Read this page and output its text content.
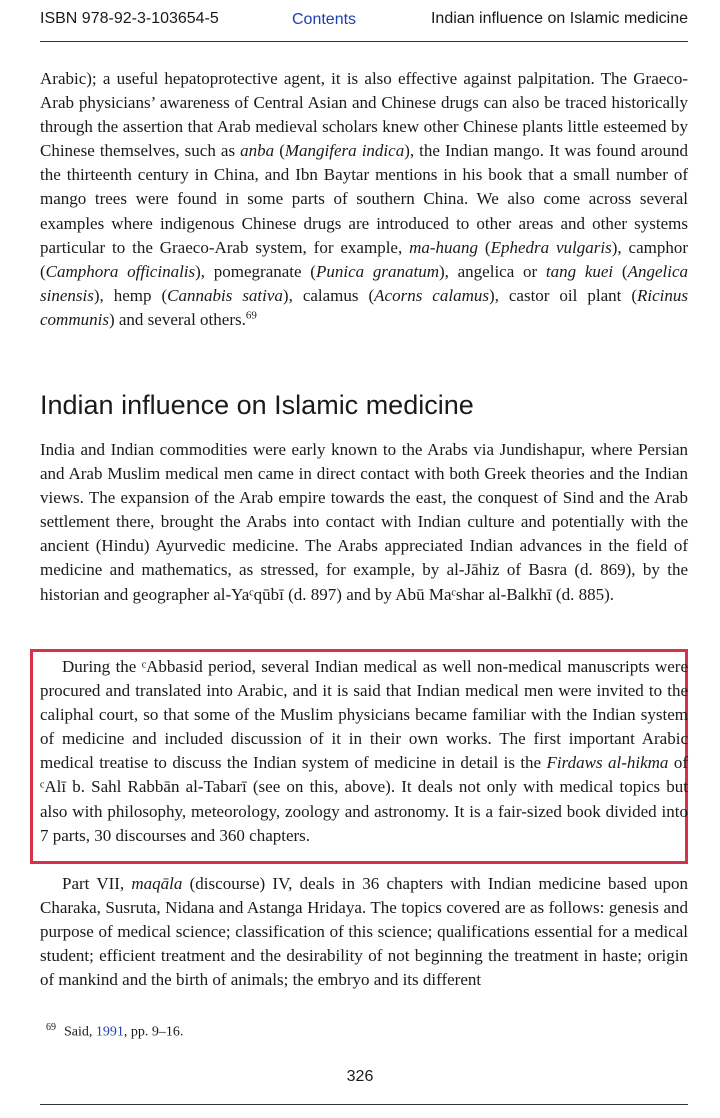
ISBN 978-92-3-103654-5	Contents	Indian influence on Islamic medicine

Arabic); a useful hepatoprotective agent, it is also effective against palpitation. The Graeco-Arab physicians’ awareness of Central Asian and Chinese drugs can also be traced historically through the assertion that Arab medieval scholars knew other Chinese plants little esteemed by Chinese themselves, such as anba (Mangifera indica), the Indian mango. It was found around the thirteenth century in China, and Ibn Baytar mentions in his book that a small number of mango trees were found in some parts of southern China. We also come across several examples where indigenous Chinese drugs are introduced to other areas and other systems particular to the Graeco-Arab system, for example, ma-huang (Ephedra vulgaris), camphor (Camphora officinalis), pomegranate (Punica granatum), angelica or tang kuei (Angelica sinensis), hemp (Cannabis sativa), calamus (Acorns calamus), castor oil plant (Ricinus communis) and several others.$^{69}$

Indian influence on Islamic medicine

India and Indian commodities were early known to the Arabs via Jundishapur, where Persian and Arab Muslim medical men came in direct contact with both Greek theories and the Indian views. The expansion of the Arab empire towards the east, the conquest of Sind and the Arab settlement there, brought the Arabs into contact with Indian culture and potentially with the ancient (Hindu) Ayurvedic medicine. The Arabs appreciated Indian advances in the field of medicine and mathematics, as stressed, for example, by al-Jāhiz of Basra (d. 869), by the historian and geographer al-Yaᶜqūbī (d. 897) and by Abū Maᶜshar al-Balkhī (d. 885).

During the ᶜAbbasid period, several Indian medical as well non-medical manuscripts were procured and translated into Arabic, and it is said that Indian medical men were invited to the caliphal court, so that some of the Muslim physicians became familiar with the Indian system of medicine and included discussion of it in their own works. The first important Arabic medical treatise to discuss the Indian system of medicine in detail is the Firdaws al-hikma of ᶜAlī b. Sahl Rabbān al-Tabarī (see on this, above). It deals not only with medical topics but also with philosophy, meteorology, zoology and astronomy. It is a fair-sized book divided into 7 parts, 30 discourses and 360 chapters.

Part VII, maqāla (discourse) IV, deals in 36 chapters with Indian medicine based upon Charaka, Susruta, Nidana and Astanga Hridaya. The topics covered are as follows: genesis and purpose of medical science; classification of this science; qualifications essential for a medical student; efficient treatment and the desirability of not beginning the treatment in haste; origin of mankind and the birth of animals; the embryo and its different

$^{69}$ Said, 1991, pp. 9–16.
326
